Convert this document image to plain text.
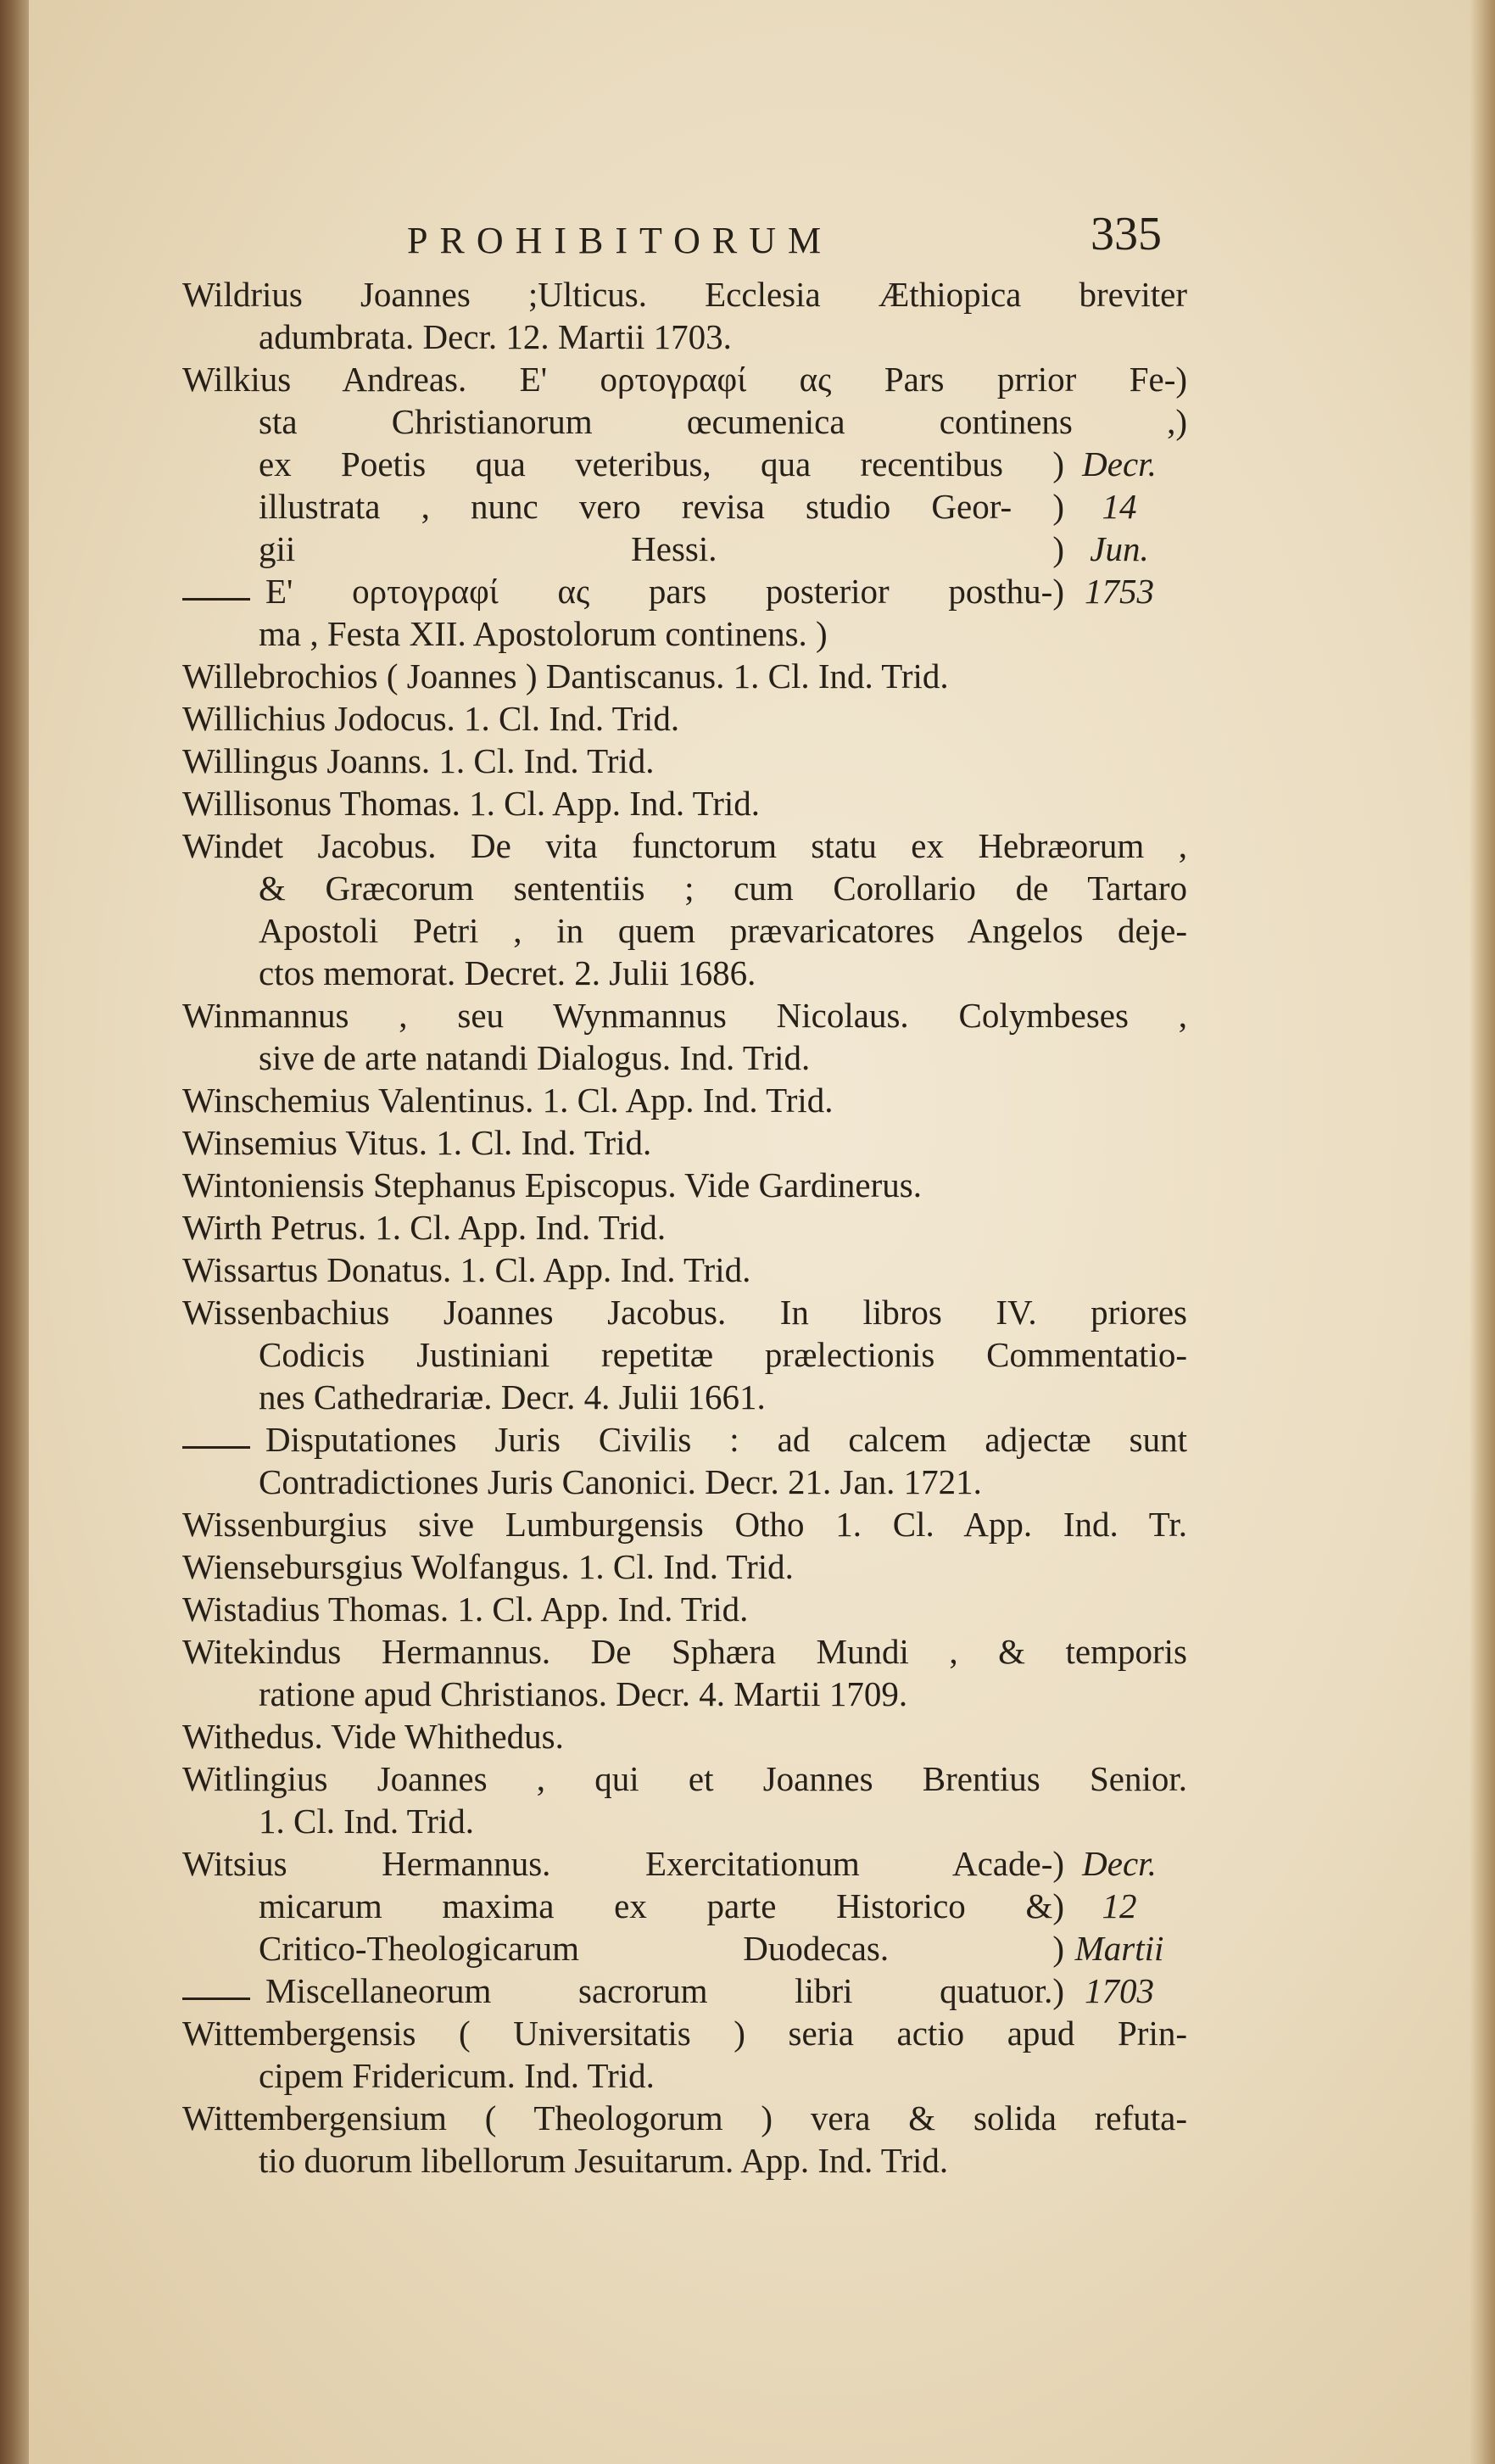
PROHIBITORUM	335
Wildrius Joannes ;Ulticus. Ecclesia Æthiopica breviter
adumbrata. Decr. 12. Martii 1703.
Wilkius Andreas. E' ορτογραφί ας Pars prrior Fe-)
sta Christianorum œcumenica continens ,)
ex Poetis qua veteribus, qua recentibus ) Decr.
illustrata , nunc vero revisa studio Geor- )	14
gii Hessi. ) Jun.
E' ορτογραφί ας pars posterior posthu-) 1753
ma , Festa XII. Apostolorum continens. )
Willebrochios ( Joannes ) Dantiscanus. 1. Cl. Ind. Trid.
Willichius Jodocus. 1. Cl. Ind. Trid.
Willingus Joanns. 1. Cl. Ind. Trid.
Willisonus Thomas. 1. Cl. App. Ind. Trid.
Windet Jacobus. De vita functorum statu ex Hebræorum ,
& Græcorum sententiis ; cum Corollario de Tartaro
Apostoli Petri , in quem prævaricatores Angelos deje-
ctos memorat. Decret. 2. Julii 1686.
Winmannus , seu Wynmannus Nicolaus. Colymbeses ,
sive de arte natandi Dialogus. Ind. Trid.
Winschemius Valentinus. 1. Cl. App. Ind. Trid.
Winsemius Vitus. 1. Cl. Ind. Trid.
Wintoniensis Stephanus Episcopus. Vide Gardinerus.
Wirth Petrus. 1. Cl. App. Ind. Trid.
Wissartus Donatus. 1. Cl. App. Ind. Trid.
Wissenbachius Joannes Jacobus. In libros IV. priores
Codicis Justiniani repetitæ prælectionis Commentatio-
nes Cathedrariæ. Decr. 4. Julii 1661.
Disputationes Juris Civilis : ad calcem adjectæ sunt
Contradictiones Juris Canonici. Decr. 21. Jan. 1721.
Wissenburgius sive Lumburgensis Otho 1. Cl. App. Ind. Tr.
Wiensebursgius Wolfangus. 1. Cl. Ind. Trid.
Wistadius Thomas. 1. Cl. App. Ind. Trid.
Witekindus Hermannus. De Sphæra Mundi , & temporis
ratione apud Christianos. Decr. 4. Martii 1709.
Withedus. Vide Whithedus.
Witlingius Joannes , qui et Joannes Brentius Senior.
1. Cl. Ind. Trid.
Witsius Hermannus. Exercitationum Acade-) Decr.
micarum maxima ex parte Historico &)	12
Critico-Theologicarum Duodecas. ) Martii
Miscellaneorum sacrorum libri quatuor.) 1703
Wittembergensis ( Universitatis ) seria actio apud Prin-
cipem Fridericum. Ind. Trid.
Wittembergensium ( Theologorum ) vera & solida refuta-
tio duorum libellorum Jesuitarum. App. Ind. Trid.
